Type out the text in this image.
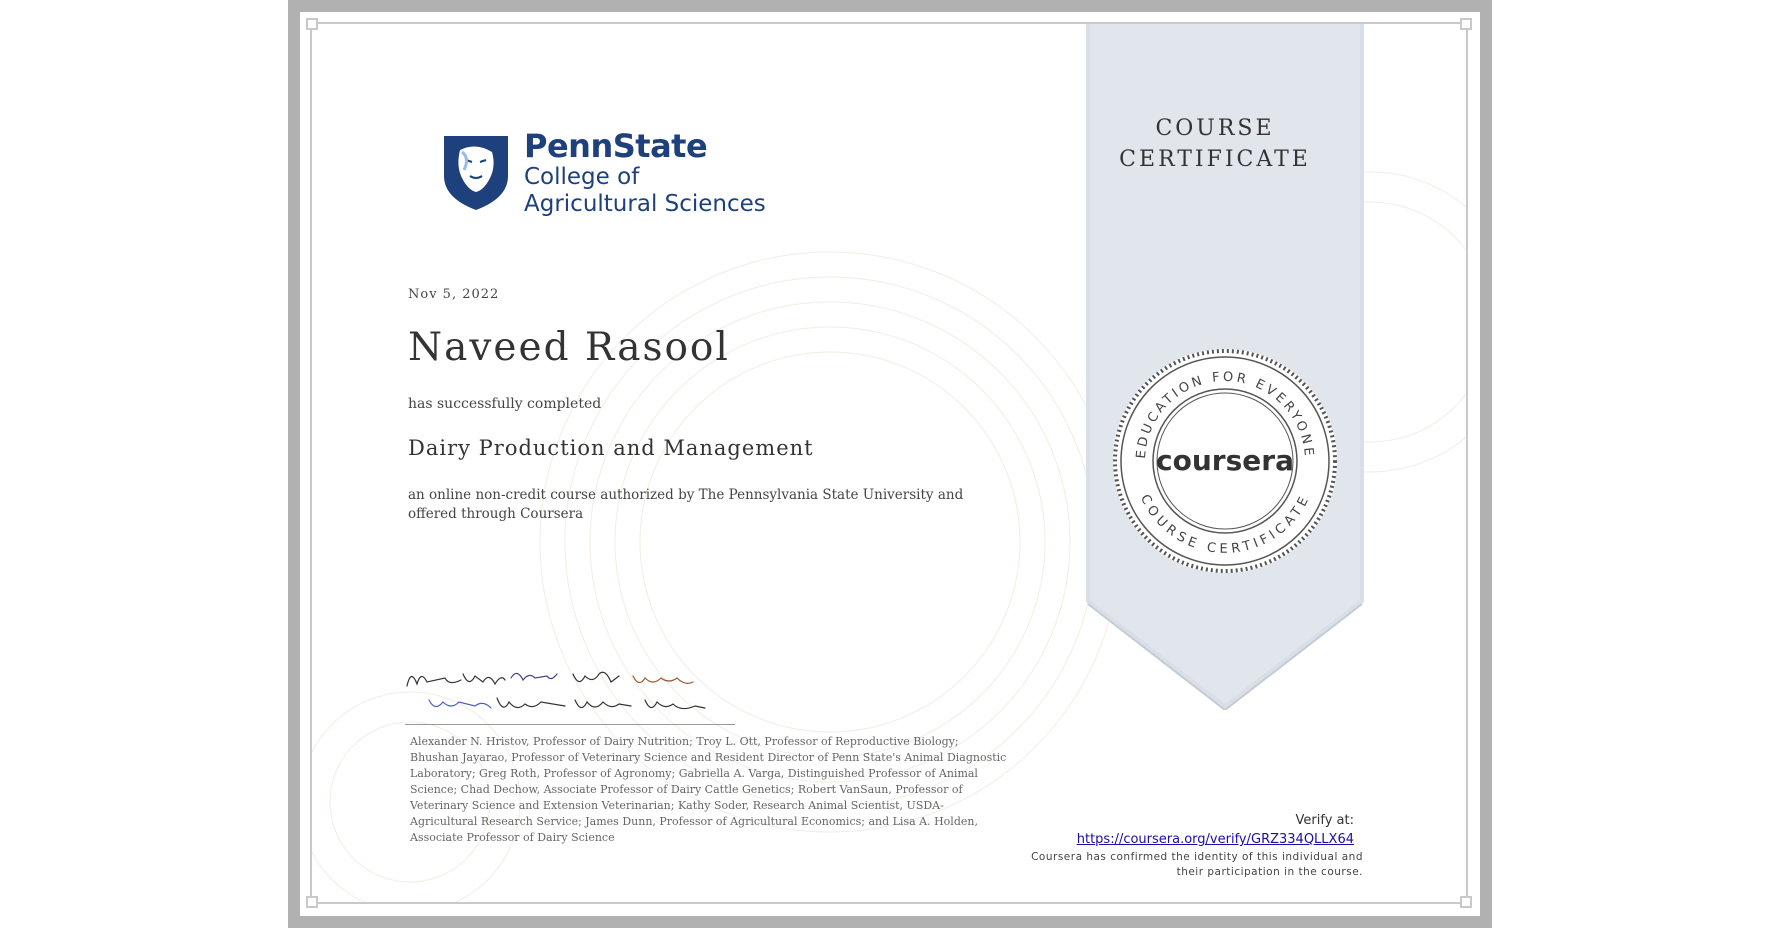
PennState
College of
Agricultural Sciences
Nov 5, 2022
Naveed Rasool
has successfully completed
Dairy Production and Management
an online non-credit course authorized by The Pennsylvania State University and offered through Coursera
Alexander N. Hristov, Professor of Dairy Nutrition; Troy L. Ott, Professor of Reproductive Biology; Bhushan Jayarao, Professor of Veterinary Science and Resident Director of Penn State's Animal Diagnostic Laboratory; Greg Roth, Professor of Agronomy; Gabriella A. Varga, Distinguished Professor of Animal Science; Chad Dechow, Associate Professor of Dairy Cattle Genetics; Robert VanSaun, Professor of Veterinary Science and Extension Veterinarian; Kathy Soder, Research Animal Scientist, USDA-Agricultural Research Service; James Dunn, Professor of Agricultural Economics; and Lisa A. Holden, Associate Professor of Dairy Science
COURSE
CERTIFICATE
EDUCATION FOR EVERYONE
COURSE CERTIFICATE
coursera
Verify at:
https://coursera.org/verify/GRZ334QLLX64
Coursera has confirmed the identity of this individual and
their participation in the course.
